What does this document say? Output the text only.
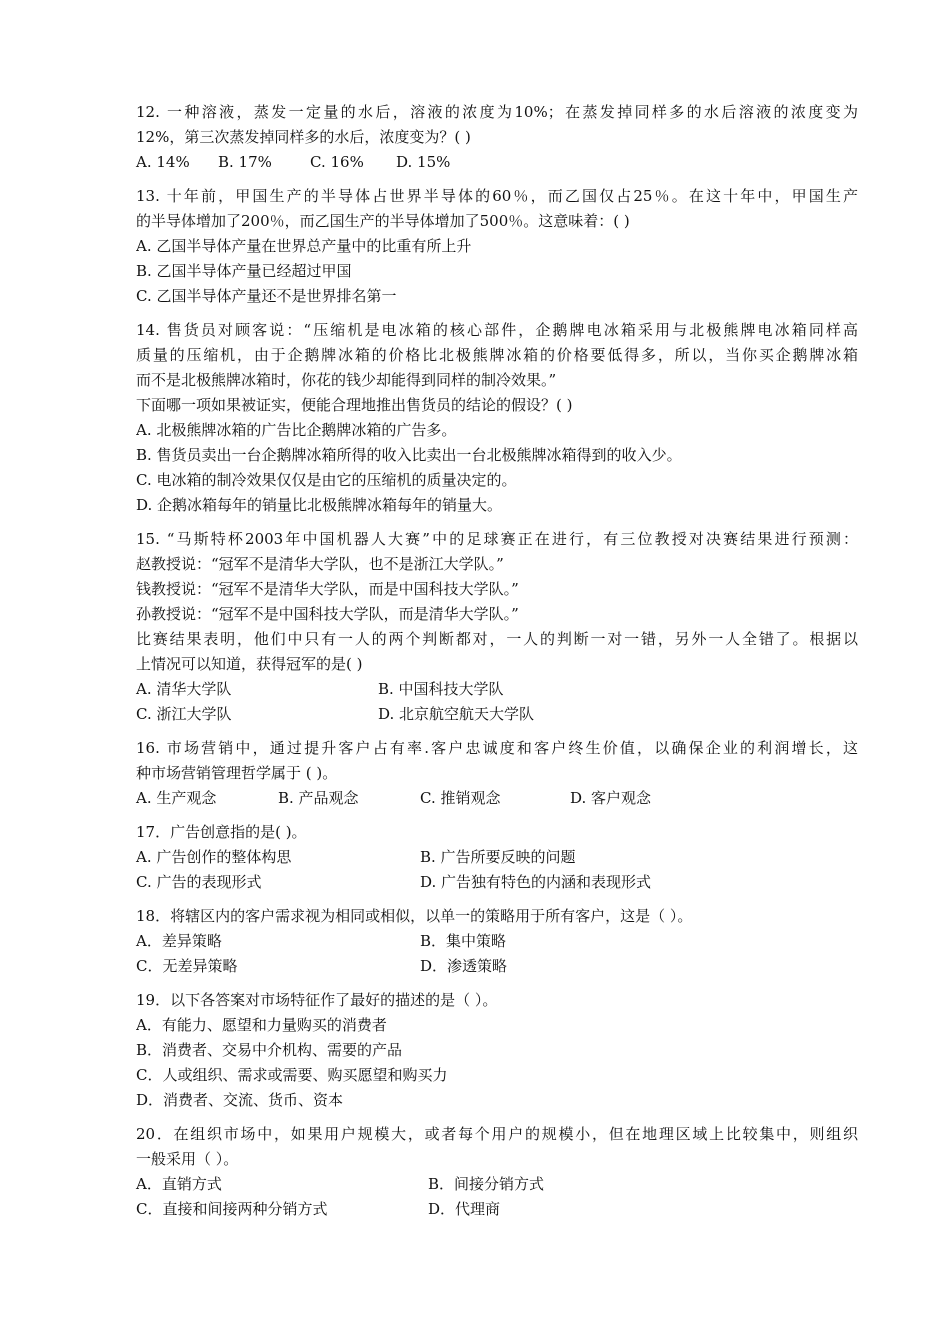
12. 一种溶液，蒸发一定量的水后，溶液的浓度为10%；在蒸发掉同样多的水后溶液的浓度变为
12%，第三次蒸发掉同样多的水后，浓度变为？( )
A. 14%	B. 17%	C. 16%	D. 15%
13. 十年前，甲国生产的半导体占世界半导体的60％，而乙国仅占25％。在这十年中，甲国生产
的半导体增加了200％，而乙国生产的半导体增加了500％。这意味着：( )
A. 乙国半导体产量在世界总产量中的比重有所上升
B. 乙国半导体产量已经超过甲国
C. 乙国半导体产量还不是世界排名第一
14. 售货员对顾客说：“压缩机是电冰箱的核心部件，企鹅牌电冰箱采用与北极熊牌电冰箱同样高
质量的压缩机，由于企鹅牌冰箱的价格比北极熊牌冰箱的价格要低得多，所以，当你买企鹅牌冰箱
而不是北极熊牌冰箱时，你花的钱少却能得到同样的制冷效果。”
下面哪一项如果被证实，便能合理地推出售货员的结论的假设？( )
A. 北极熊牌冰箱的广告比企鹅牌冰箱的广告多。
B. 售货员卖出一台企鹅牌冰箱所得的收入比卖出一台北极熊牌冰箱得到的收入少。
C. 电冰箱的制冷效果仅仅是由它的压缩机的质量决定的。
D. 企鹅冰箱每年的销量比北极熊牌冰箱每年的销量大。
15. “马斯特杯2003年中国机器人大赛”中的足球赛正在进行，有三位教授对决赛结果进行预测：
赵教授说：“冠军不是清华大学队，也不是浙江大学队。”
钱教授说：“冠军不是清华大学队，而是中国科技大学队。”
孙教授说：“冠军不是中国科技大学队，而是清华大学队。”
比赛结果表明，他们中只有一人的两个判断都对，一人的判断一对一错，另外一人全错了。根据以
上情况可以知道，获得冠军的是( )
A. 清华大学队	B. 中国科技大学队
C. 浙江大学队	D. 北京航空航天大学队
16. 市场营销中，通过提升客户占有率.客户忠诚度和客户终生价值，以确保企业的利润增长，这
种市场营销管理哲学属于 ( )。
A. 生产观念	B. 产品观念	C. 推销观念	D. 客户观念
17．广告创意指的是( )。
A. 广告创作的整体构思	B. 广告所要反映的问题
C. 广告的表现形式	D. 广告独有特色的内涵和表现形式
18．将辖区内的客户需求视为相同或相似，以单一的策略用于所有客户，这是（ ）。
A．差异策略	B．集中策略
C．无差异策略	D．渗透策略
19．以下各答案对市场特征作了最好的描述的是（ ）。
A．有能力、愿望和力量购买的消费者
B．消费者、交易中介机构、需要的产品
C．人或组织、需求或需要、购买愿望和购买力
D．消费者、交流、货币、资本
20．在组织市场中，如果用户规模大，或者每个用户的规模小，但在地理区域上比较集中，则组织
一般采用（ ）。
A．直销方式	B．间接分销方式
C．直接和间接两种分销方式	D．代理商
